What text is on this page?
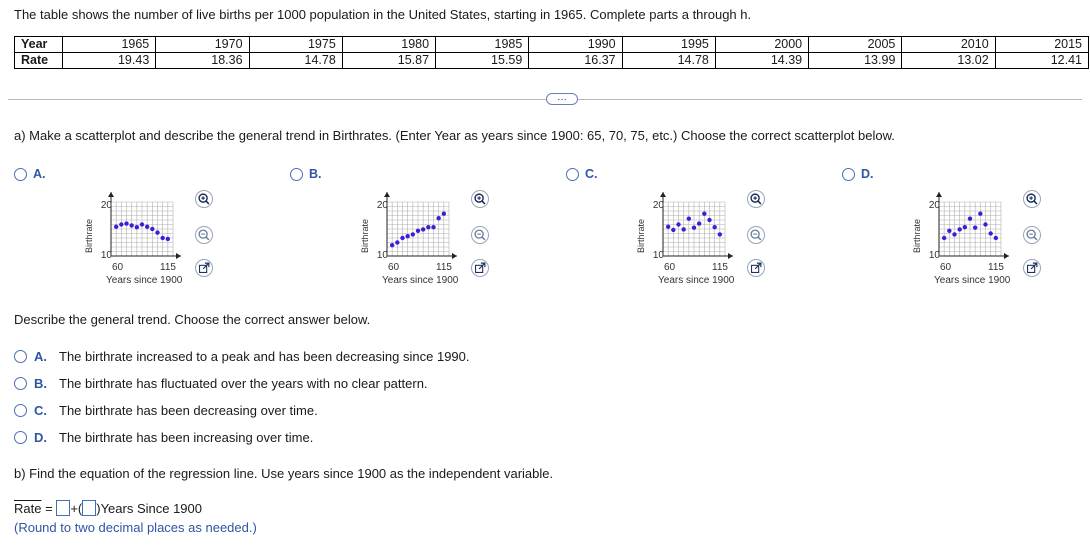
The table shows the number of live births per 1000 population in the United States, starting in 1965. Complete parts a through h.
Year	1965	1970	1975	1980	1985	1990	1995	2000	2005	2010	2015
Rate	19.43	18.36	14.78	15.87	15.59	16.37	14.78	14.39	13.99	13.02	12.41
…
a) Make a scatterplot and describe the general trend in Birthrates. (Enter Year as years since 1900: 65, 70, 75, etc.) Choose the correct scatterplot below.
A.
Birthrate
20
10
60	115
Years since 1900
B.
Birthrate
20
10
60	115
Years since 1900
C.
Birthrate
20
10
60	115
Years since 1900
D.
Birthrate
20
10
60	115
Years since 1900
Describe the general trend. Choose the correct answer below.
A. The birthrate increased to a peak and has been decreasing since 1990.
B. The birthrate has fluctuated over the years with no clear pattern.
C. The birthrate has been decreasing over time.
D. The birthrate has been increasing over time.
b) Find the equation of the regression line. Use years since 1900 as the independent variable.
Rate = +( )Years Since 1900
(Round to two decimal places as needed.)
